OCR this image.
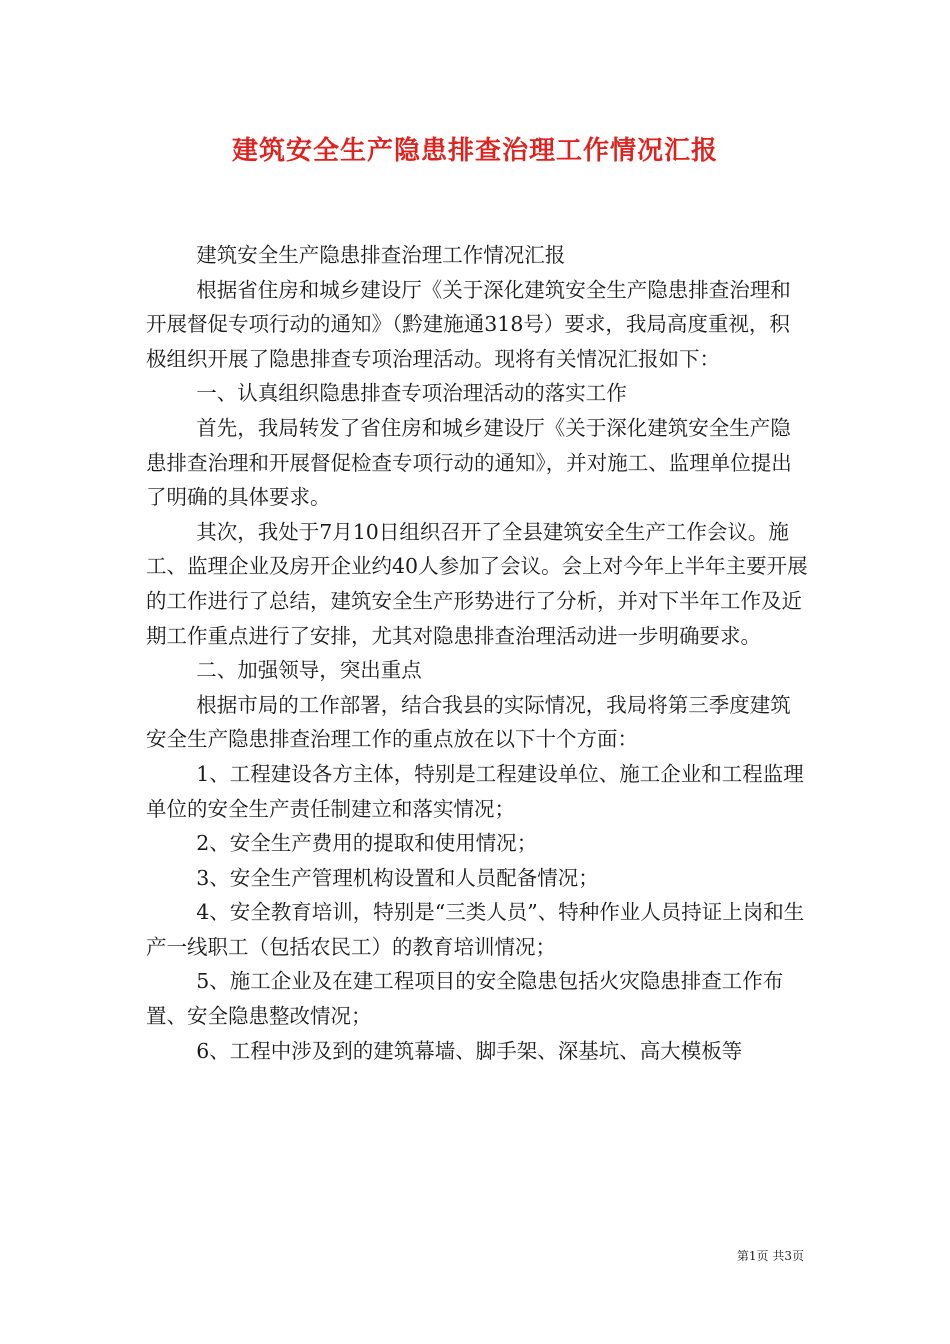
建筑安全生产隐患排查治理工作情况汇报

建筑安全生产隐患排查治理工作情况汇报

根据省住房和城乡建设厅《关于深化建筑安全生产隐患排查治理和开展督促专项行动的通知》（黔建施通318号）要求，我局高度重视，积极组织开展了隐患排查专项治理活动。现将有关情况汇报如下：

一、认真组织隐患排查专项治理活动的落实工作

首先，我局转发了省住房和城乡建设厅《关于深化建筑安全生产隐患排查治理和开展督促检查专项行动的通知》，并对施工、监理单位提出了明确的具体要求。

其次，我处于7月10日组织召开了全县建筑安全生产工作会议。施工、监理企业及房开企业约40人参加了会议。会上对今年上半年主要开展的工作进行了总结，建筑安全生产形势进行了分析，并对下半年工作及近期工作重点进行了安排，尤其对隐患排查治理活动进一步明确要求。

二、加强领导，突出重点

根据市局的工作部署，结合我县的实际情况，我局将第三季度建筑安全生产隐患排查治理工作的重点放在以下十个方面：

1、工程建设各方主体，特别是工程建设单位、施工企业和工程监理单位的安全生产责任制建立和落实情况；

2、安全生产费用的提取和使用情况；

3、安全生产管理机构设置和人员配备情况；

4、安全教育培训，特别是“三类人员”、特种作业人员持证上岗和生产一线职工（包括农民工）的教育培训情况；

5、施工企业及在建工程项目的安全隐患包括火灾隐患排查工作布置、安全隐患整改情况；

6、工程中涉及到的建筑幕墙、脚手架、深基坑、高大模板等

第1页 共3页
